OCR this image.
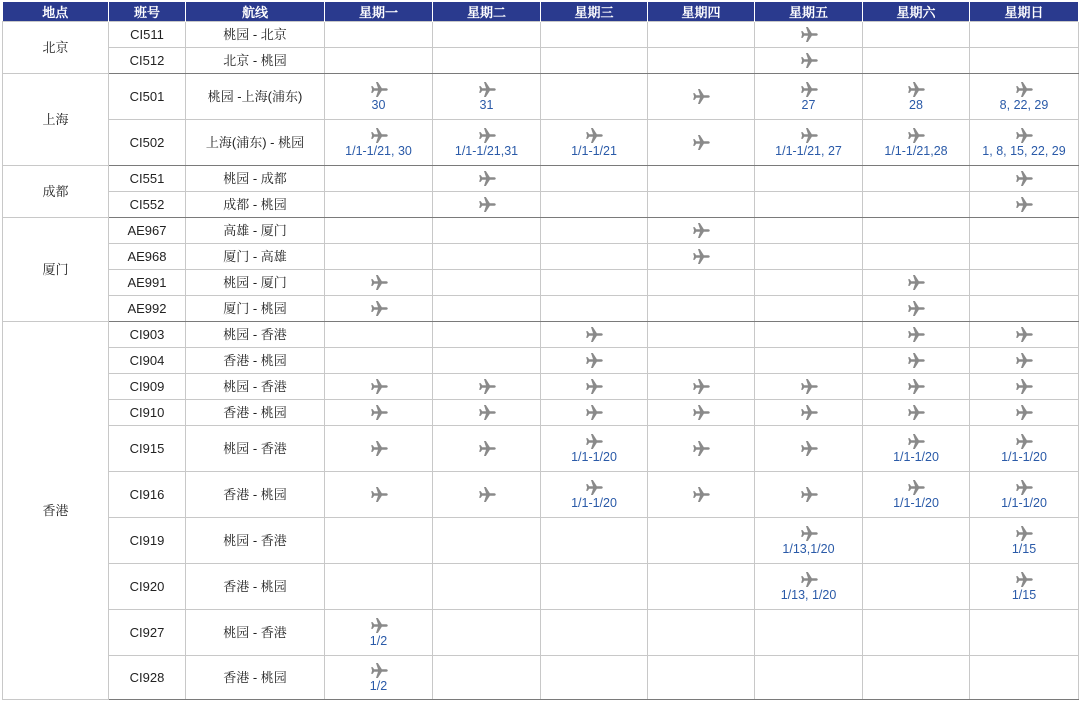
地点	班号	航线	星期一	星期二	星期三	星期四	星期五	星期六	星期日
北京	CI511	桃园 - 北京					

	CI512	北京 - 桃园					

上海	CI501	桃园 -上海(浦东)	30	31			27	28	8, 22, 29

	CI502	上海(浦东) - 桃园	1/1-1/21, 30	1/1-1/21,31	1/1-1/21		1/1-1/21, 27	1/1-1/21,28	1, 8, 15, 22, 29

成都	CI551	桃园 - 成都		

	CI552	成都 - 桃园		

厦门	AE967	高雄 - 厦门				

	AE968	厦门 - 高雄				

	AE991	桃园 - 厦门	

	AE992	厦门 - 桃园	

香港	CI903	桃园 - 香港			

	CI904	香港 - 桃园			

	CI909	桃园 - 香港	

	CI910	香港 - 桃园	

	CI915	桃园 - 香港			1/1-1/20			1/1-1/20	1/1-1/20

	CI916	香港 - 桃园			1/1-1/20			1/1-1/20	1/1-1/20

	CI919	桃园 - 香港					1/13,1/20		1/15

	CI920	香港 - 桃园					1/13, 1/20		1/15

	CI927	桃园 - 香港	1/2						

	CI928	香港 - 桃园	1/2						
